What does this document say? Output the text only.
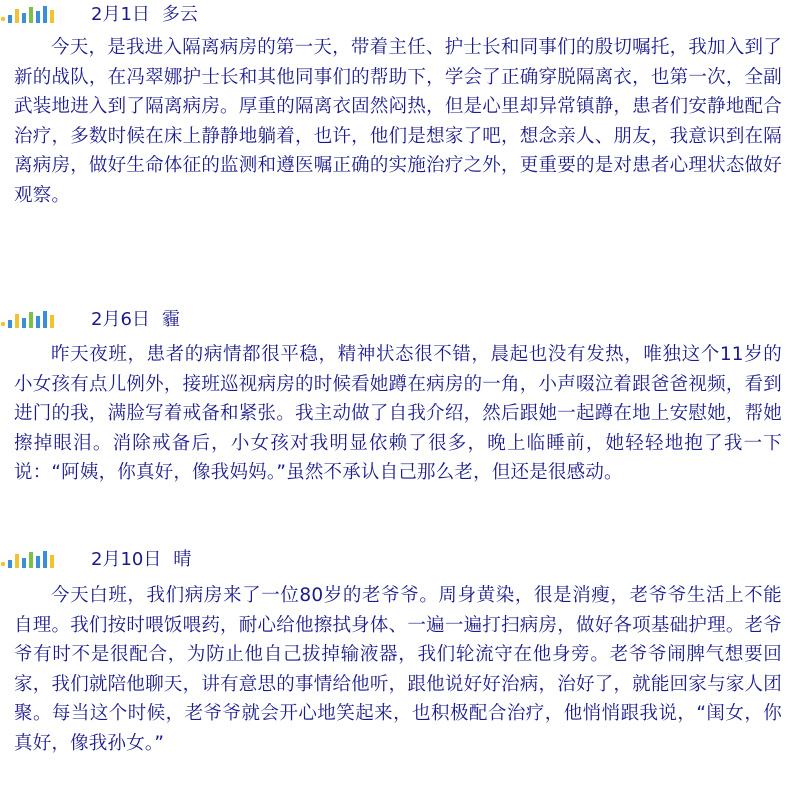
2月1日 多云

今天，是我进入隔离病房的第一天，带着主任、护士长和同事们的殷切嘱托，我加入到了新的战队，在冯翠娜护士长和其他同事们的帮助下，学会了正确穿脱隔离衣，也第一次，全副武装地进入到了隔离病房。厚重的隔离衣固然闷热，但是心里却异常镇静，患者们安静地配合治疗，多数时候在床上静静地躺着，也许，他们是想家了吧，想念亲人、朋友，我意识到在隔离病房，做好生命体征的监测和遵医嘱正确的实施治疗之外，更重要的是对患者心理状态做好观察。

2月6日 霾

昨天夜班，患者的病情都很平稳，精神状态很不错，晨起也没有发热，唯独这个11岁的小女孩有点儿例外，接班巡视病房的时候看她蹲在病房的一角，小声啜泣着跟爸爸视频，看到进门的我，满脸写着戒备和紧张。我主动做了自我介绍，然后跟她一起蹲在地上安慰她，帮她擦掉眼泪。消除戒备后，小女孩对我明显依赖了很多，晚上临睡前，她轻轻地抱了我一下说：“阿姨，你真好，像我妈妈。”虽然不承认自己那么老，但还是很感动。

2月10日 晴

今天白班，我们病房来了一位80岁的老爷爷。周身黄染，很是消瘦，老爷爷生活上不能自理。我们按时喂饭喂药，耐心给他擦拭身体、一遍一遍打扫病房，做好各项基础护理。老爷爷有时不是很配合，为防止他自己拔掉输液器，我们轮流守在他身旁。老爷爷闹脾气想要回家，我们就陪他聊天，讲有意思的事情给他听，跟他说好好治病，治好了，就能回家与家人团聚。每当这个时候，老爷爷就会开心地笑起来，也积极配合治疗，他悄悄跟我说，“闺女，你真好，像我孙女。”
